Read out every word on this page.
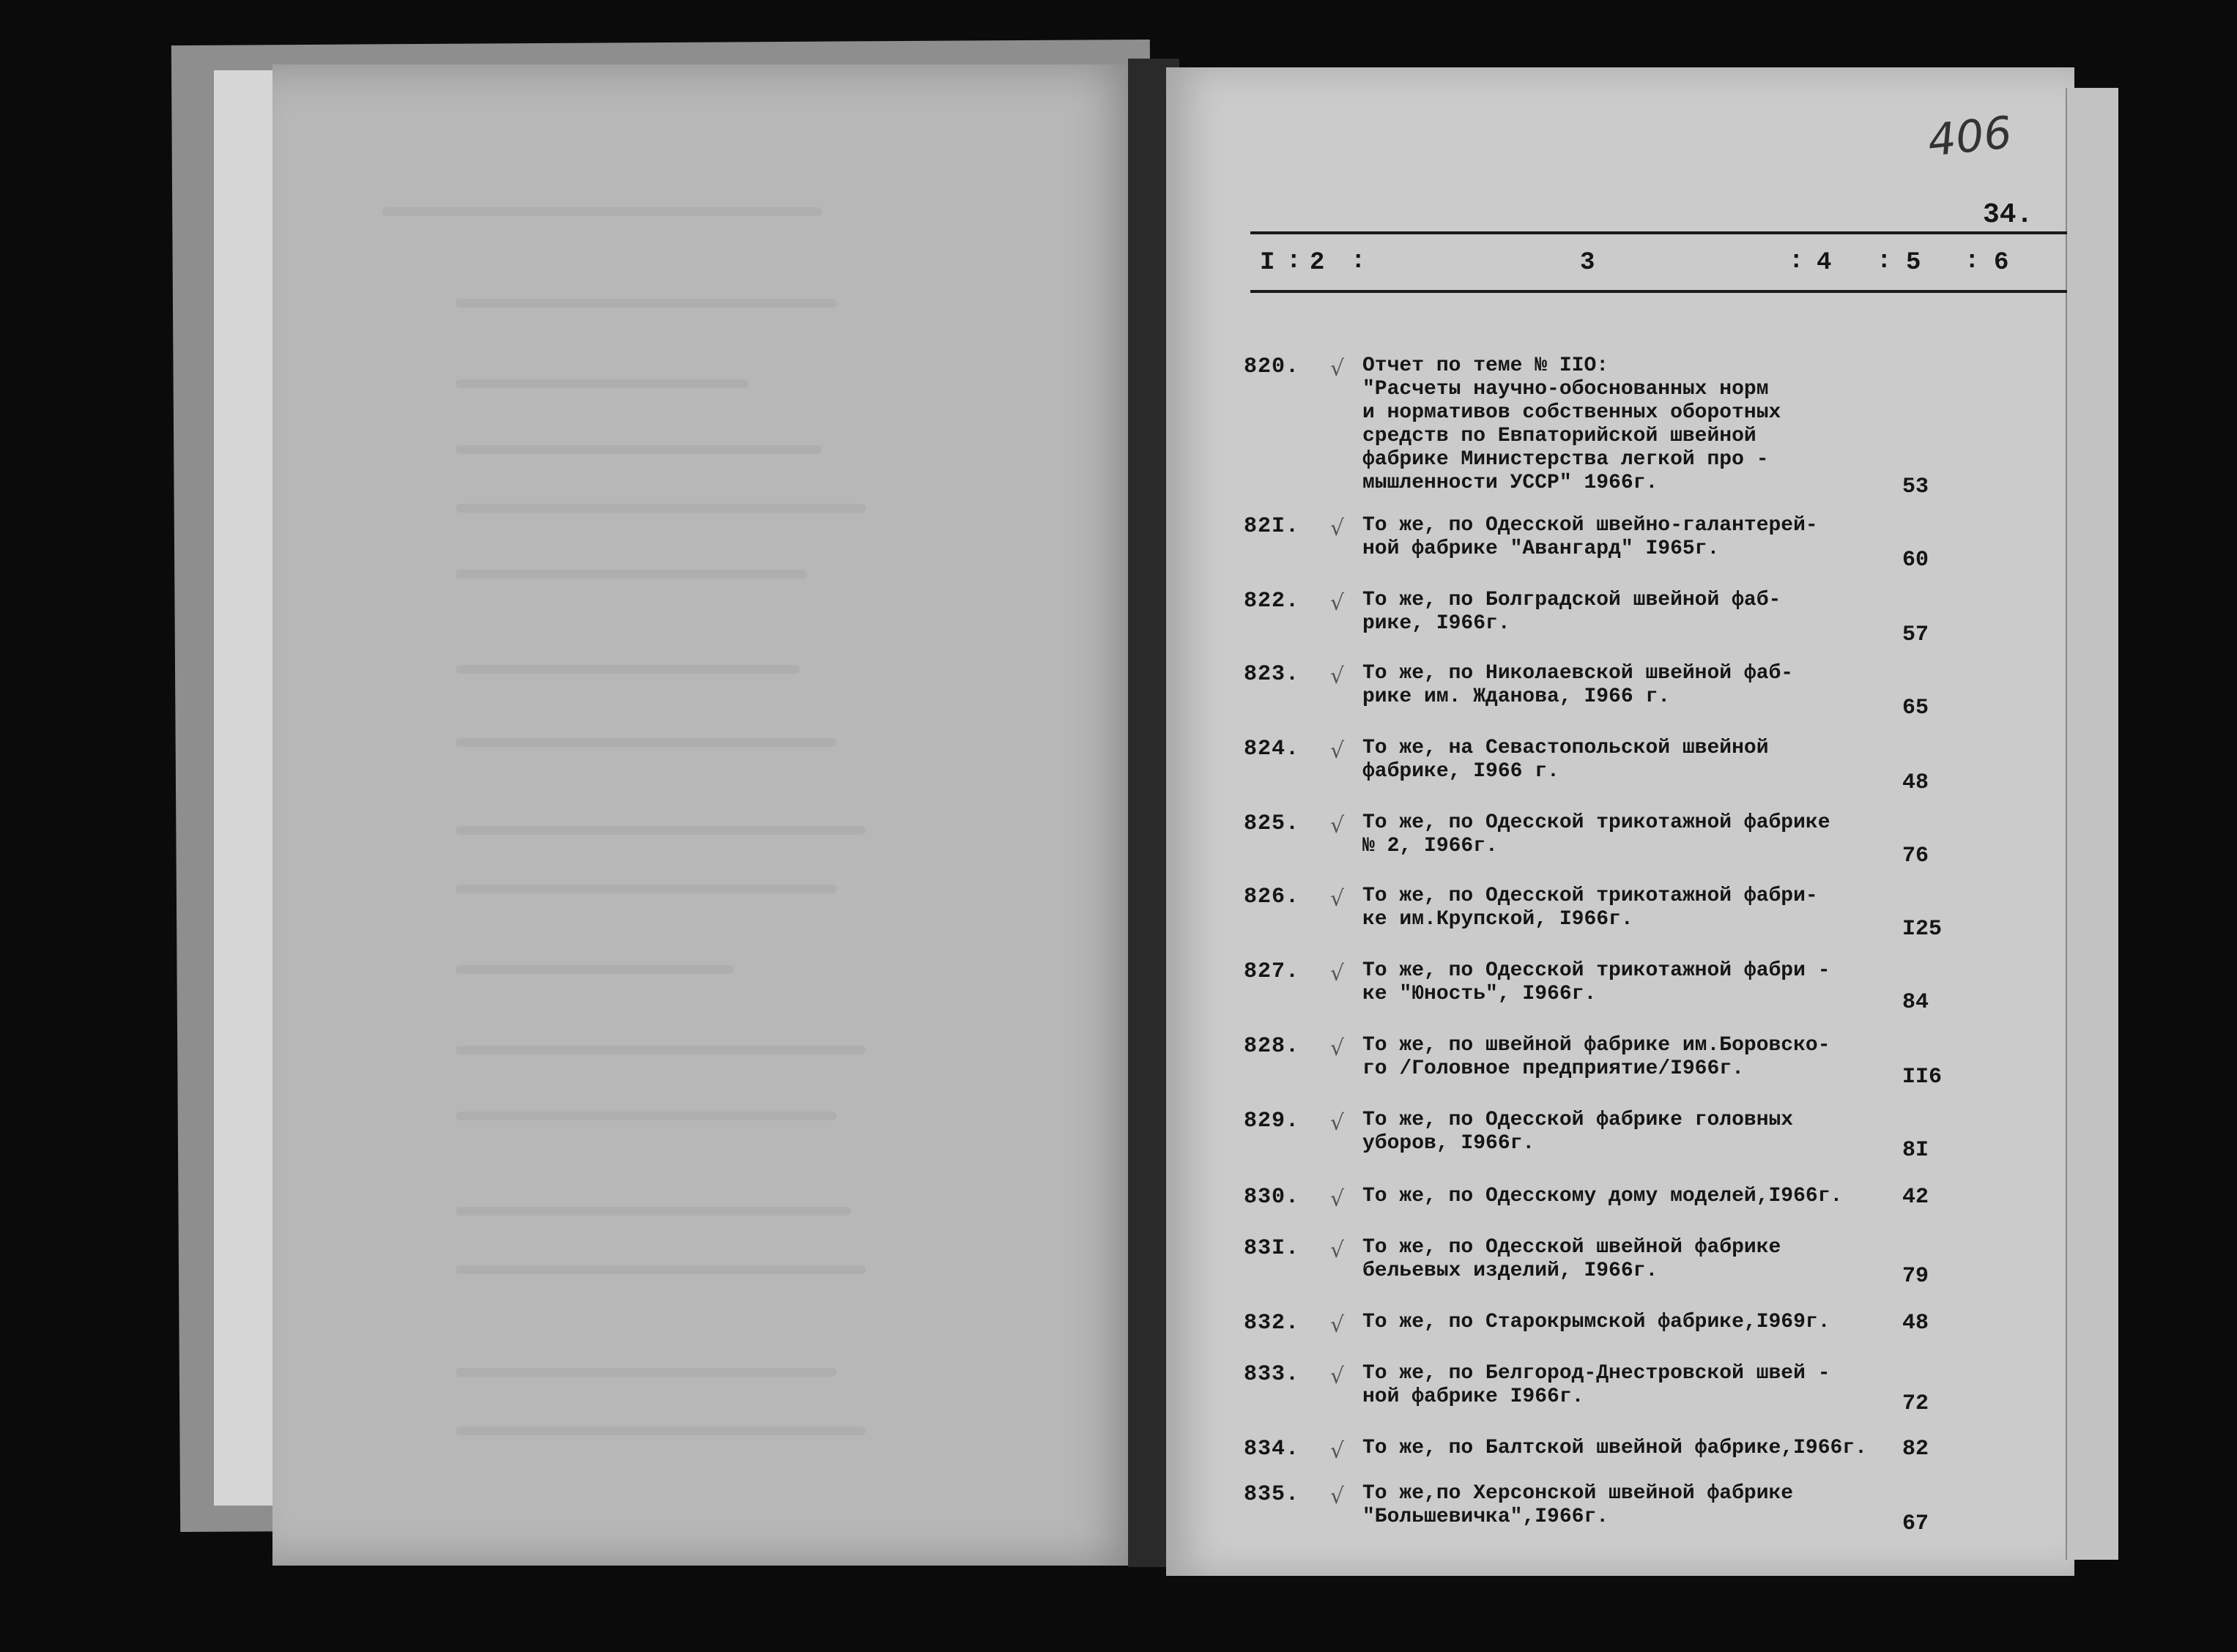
406
34.
I : 2 :	3	: 4 : 5 : 6
820. √ Отчет по теме № IIO:
"Расчеты научно-обоснованных норм
и нормативов собственных оборотных
средств по Евпаторийской швейной
фабрике Министерства легкой про -
мышленности УССР" 1966г.	53
82I. √ То же, по Одесской швейно-галантерей-
ной фабрике "Авангард" I965г.	60
822. √ То же, по Болградской швейной фаб-
рике, I966г.	57
823. √ То же, по Николаевской швейной фаб-
рике им. Жданова, I966 г.	65
824. √ То же, на Севастопольской швейной
фабрике, I966 г.	48
825. √ То же, по Одесской трикотажной фабрике
№ 2, I966г.	76
826. √ То же, по Одесской трикотажной фабри-
ке им.Крупской, I966г.	I25
827. √ То же, по Одесской трикотажной фабри -
ке "Юность", I966г.	84
828. √ То же, по швейной фабрике им.Боровско-
го /Головное предприятие/I966г.	II6
829. √ То же, по Одесской фабрике головных
уборов, I966г.	8I
830. √ То же, по Одесскому дому моделей,I966г.	42
83I. √ То же, по Одесской швейной фабрике
бельевых изделий, I966г.	79
832. √ То же, по Старокрымской фабрике,I969г.	48
833. √ То же, по Белгород-Днестровской швей -
ной фабрике I966г.	72
834. √ То же, по Балтской швейной фабрике,I966г.	82
835. √ То же,по Херсонской швейной фабрике
"Большевичка",I966г.	67
